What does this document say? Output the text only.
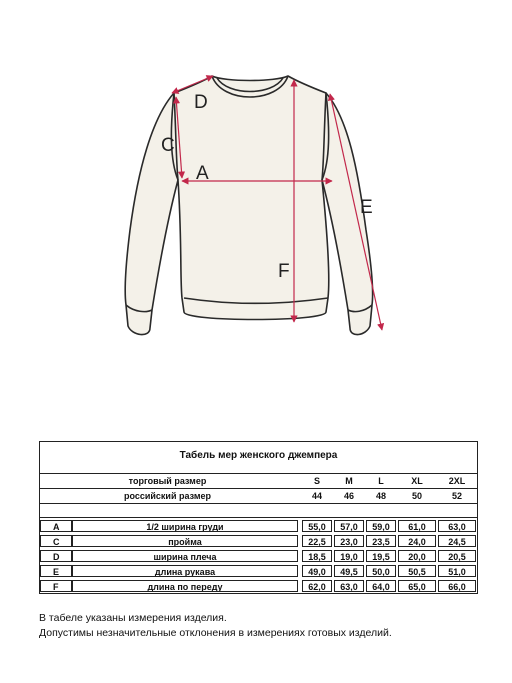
D
C
A
E
F
Табель мер женского джемпера
торговый размер	S	M	L	XL	2XL
российский размер	44	46	48	50	52
A	1/2 ширина груди	55,0	57,0	59,0	61,0	63,0
C	пройма	22,5	23,0	23,5	24,0	24,5
D	ширина плеча	18,5	19,0	19,5	20,0	20,5
E	длина рукава	49,0	49,5	50,0	50,5	51,0
F	длина по переду	62,0	63,0	64,0	65,0	66,0
В табеле указаны измерения изделия.
Допустимы незначительные отклонения в измерениях готовых изделий.
